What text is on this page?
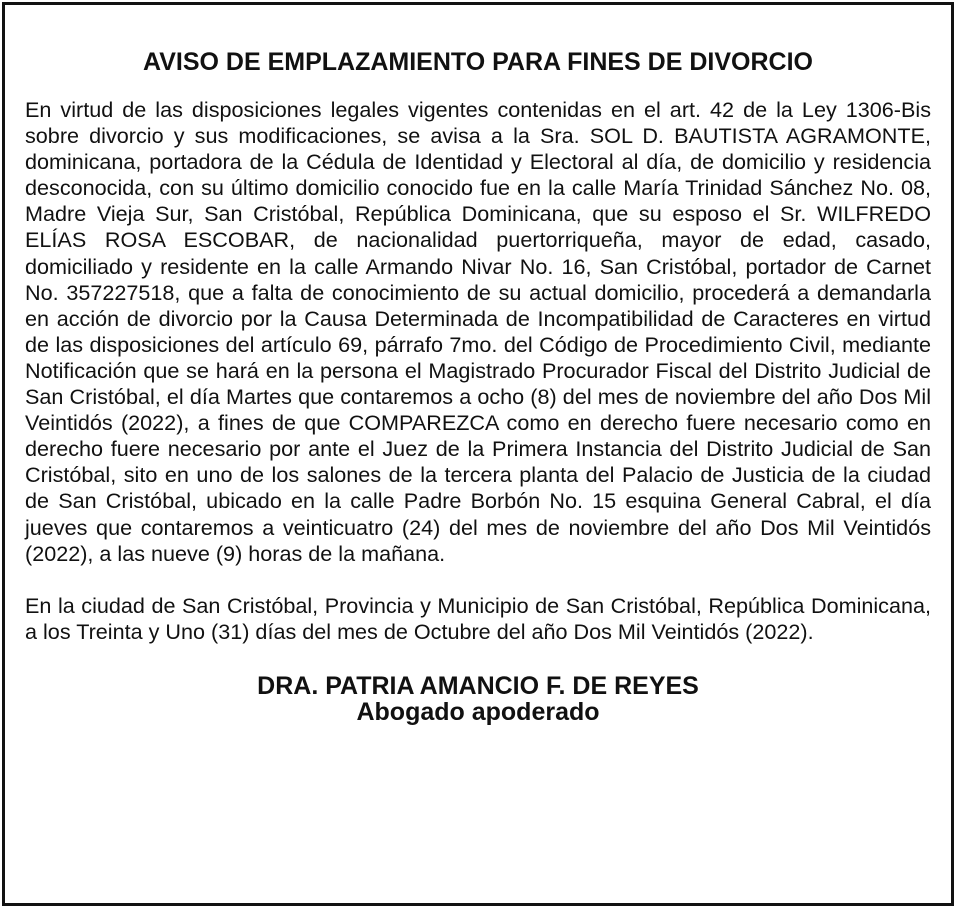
AVISO DE EMPLAZAMIENTO PARA FINES DE DIVORCIO

En virtud de las disposiciones legales vigentes contenidas en el art. 42 de la Ley 1306-Bis sobre divorcio y sus modificaciones, se avisa a la Sra. SOL D. BAUTISTA AGRAMONTE, dominicana, portadora de la Cédula de Identidad y Electoral al día, de domicilio y residencia desconocida, con su último domicilio conocido fue en la calle María Trinidad Sánchez No. 08, Madre Vieja Sur, San Cristóbal, República Dominicana, que su esposo el Sr. WILFREDO ELÍAS ROSA ESCOBAR, de nacionalidad puertorriqueña, mayor de edad, casado, domiciliado y residente en la calle Armando Nivar No. 16, San Cristóbal, portador de Carnet No. 357227518, que a falta de conocimiento de su actual domicilio, procederá a demandarla en acción de divorcio por la Causa Determinada de Incompatibilidad de Caracteres en virtud de las disposiciones del artículo 69, párrafo 7mo. del Código de Procedimiento Civil, mediante Notificación que se hará en la persona el Magistrado Procurador Fiscal del Distrito Judicial de San Cristóbal, el día Martes que contaremos a ocho (8) del mes de noviembre del año Dos Mil Veintidós (2022), a fines de que COMPAREZCA como en derecho fuere necesario como en derecho fuere necesario por ante el Juez de la Primera Instancia del Distrito Judicial de San Cristóbal, sito en uno de los salones de la tercera planta del Palacio de Justicia de la ciudad de San Cristóbal, ubicado en la calle Padre Borbón No. 15 esquina General Cabral, el día jueves que contaremos a veinticuatro (24) del mes de noviembre del año Dos Mil Veintidós (2022), a las nueve (9) horas de la mañana.

En la ciudad de San Cristóbal, Provincia y Municipio de San Cristóbal, República Dominicana, a los Treinta y Uno (31) días del mes de Octubre del año Dos Mil Veintidós (2022).

DRA. PATRIA AMANCIO F. DE REYES
Abogado apoderado
